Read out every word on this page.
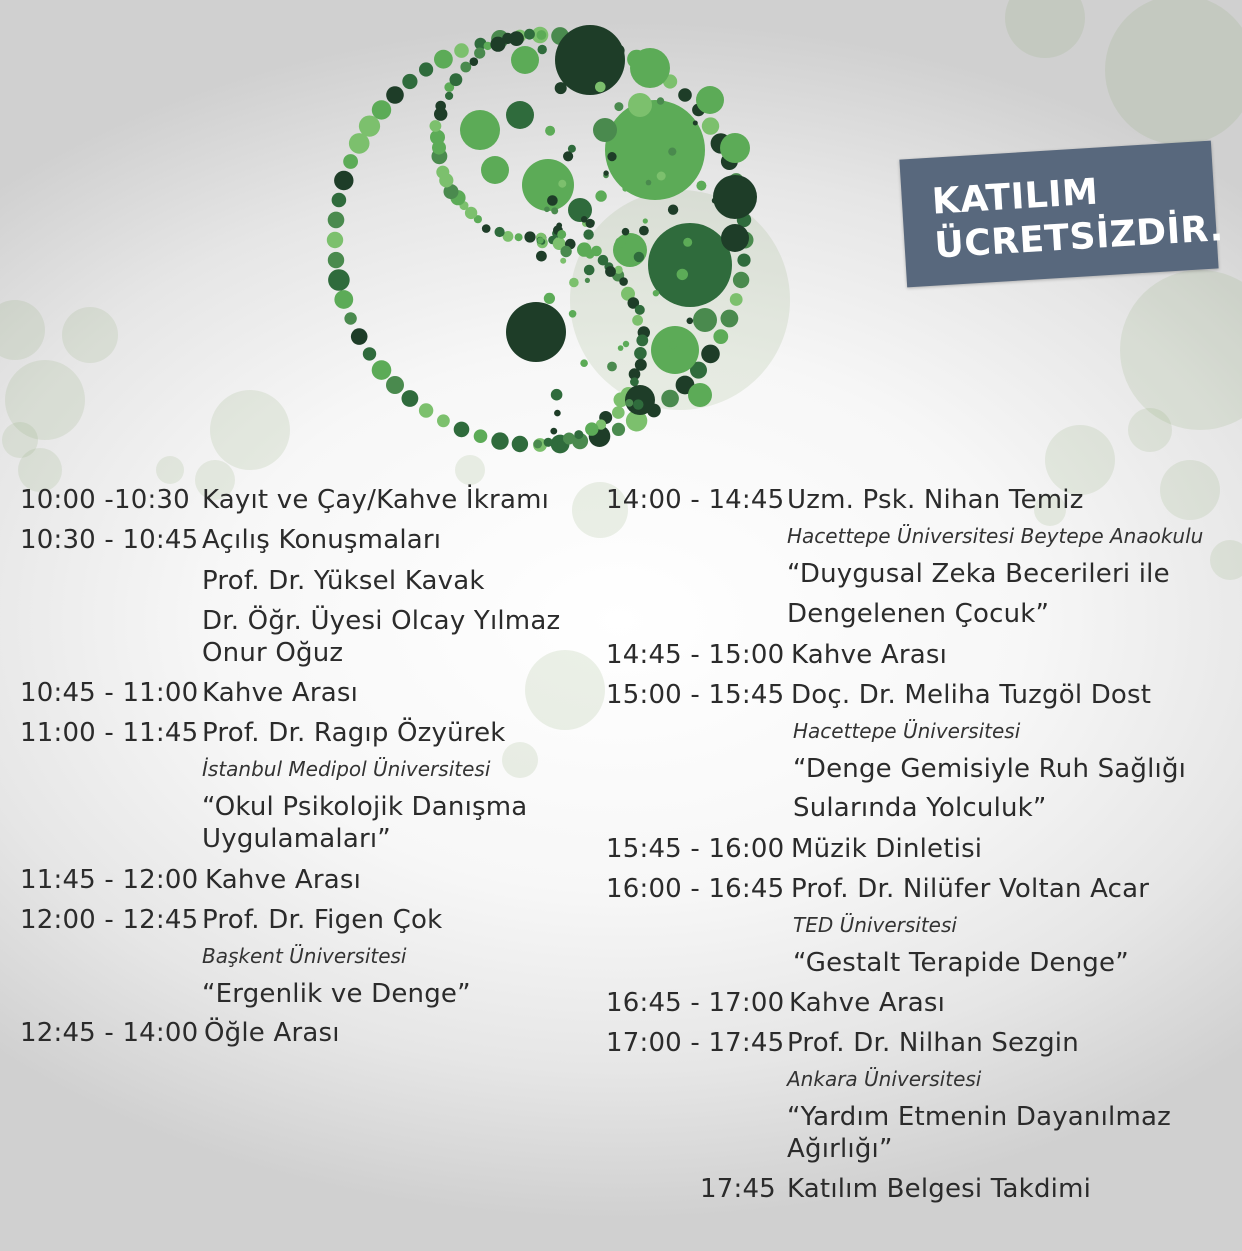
KATILIM
ÜCRETSİZDİR.
10:00 -10:30 Kayıt ve Çay/Kahve İkramı
10:30 - 10:45 Açılış Konuşmaları
Prof. Dr. Yüksel Kavak
Dr. Öğr. Üyesi Olcay Yılmaz
Onur Oğuz
10:45 - 11:00 Kahve Arası
11:00 - 11:45 Prof. Dr. Ragıp Özyürek
İstanbul Medipol Üniversitesi
“Okul Psikolojik Danışma
Uygulamaları”
11:45 - 12:00 Kahve Arası
12:00 - 12:45 Prof. Dr. Figen Çok
Başkent Üniversitesi
“Ergenlik ve Denge”
12:45 - 14:00 Öğle Arası
14:00 - 14:45 Uzm. Psk. Nihan Temiz
Hacettepe Üniversitesi Beytepe Anaokulu
“Duygusal Zeka Becerileri ile
Dengelenen Çocuk”
14:45 - 15:00 Kahve Arası
15:00 - 15:45 Doç. Dr. Meliha Tuzgöl Dost
Hacettepe Üniversitesi
“Denge Gemisiyle Ruh Sağlığı
Sularında Yolculuk”
15:45 - 16:00 Müzik Dinletisi
16:00 - 16:45 Prof. Dr. Nilüfer Voltan Acar
TED Üniversitesi
“Gestalt Terapide Denge”
16:45 - 17:00 Kahve Arası
17:00 - 17:45 Prof. Dr. Nilhan Sezgin
Ankara Üniversitesi
“Yardım Etmenin Dayanılmaz
Ağırlığı”
17:45 Katılım Belgesi Takdimi
